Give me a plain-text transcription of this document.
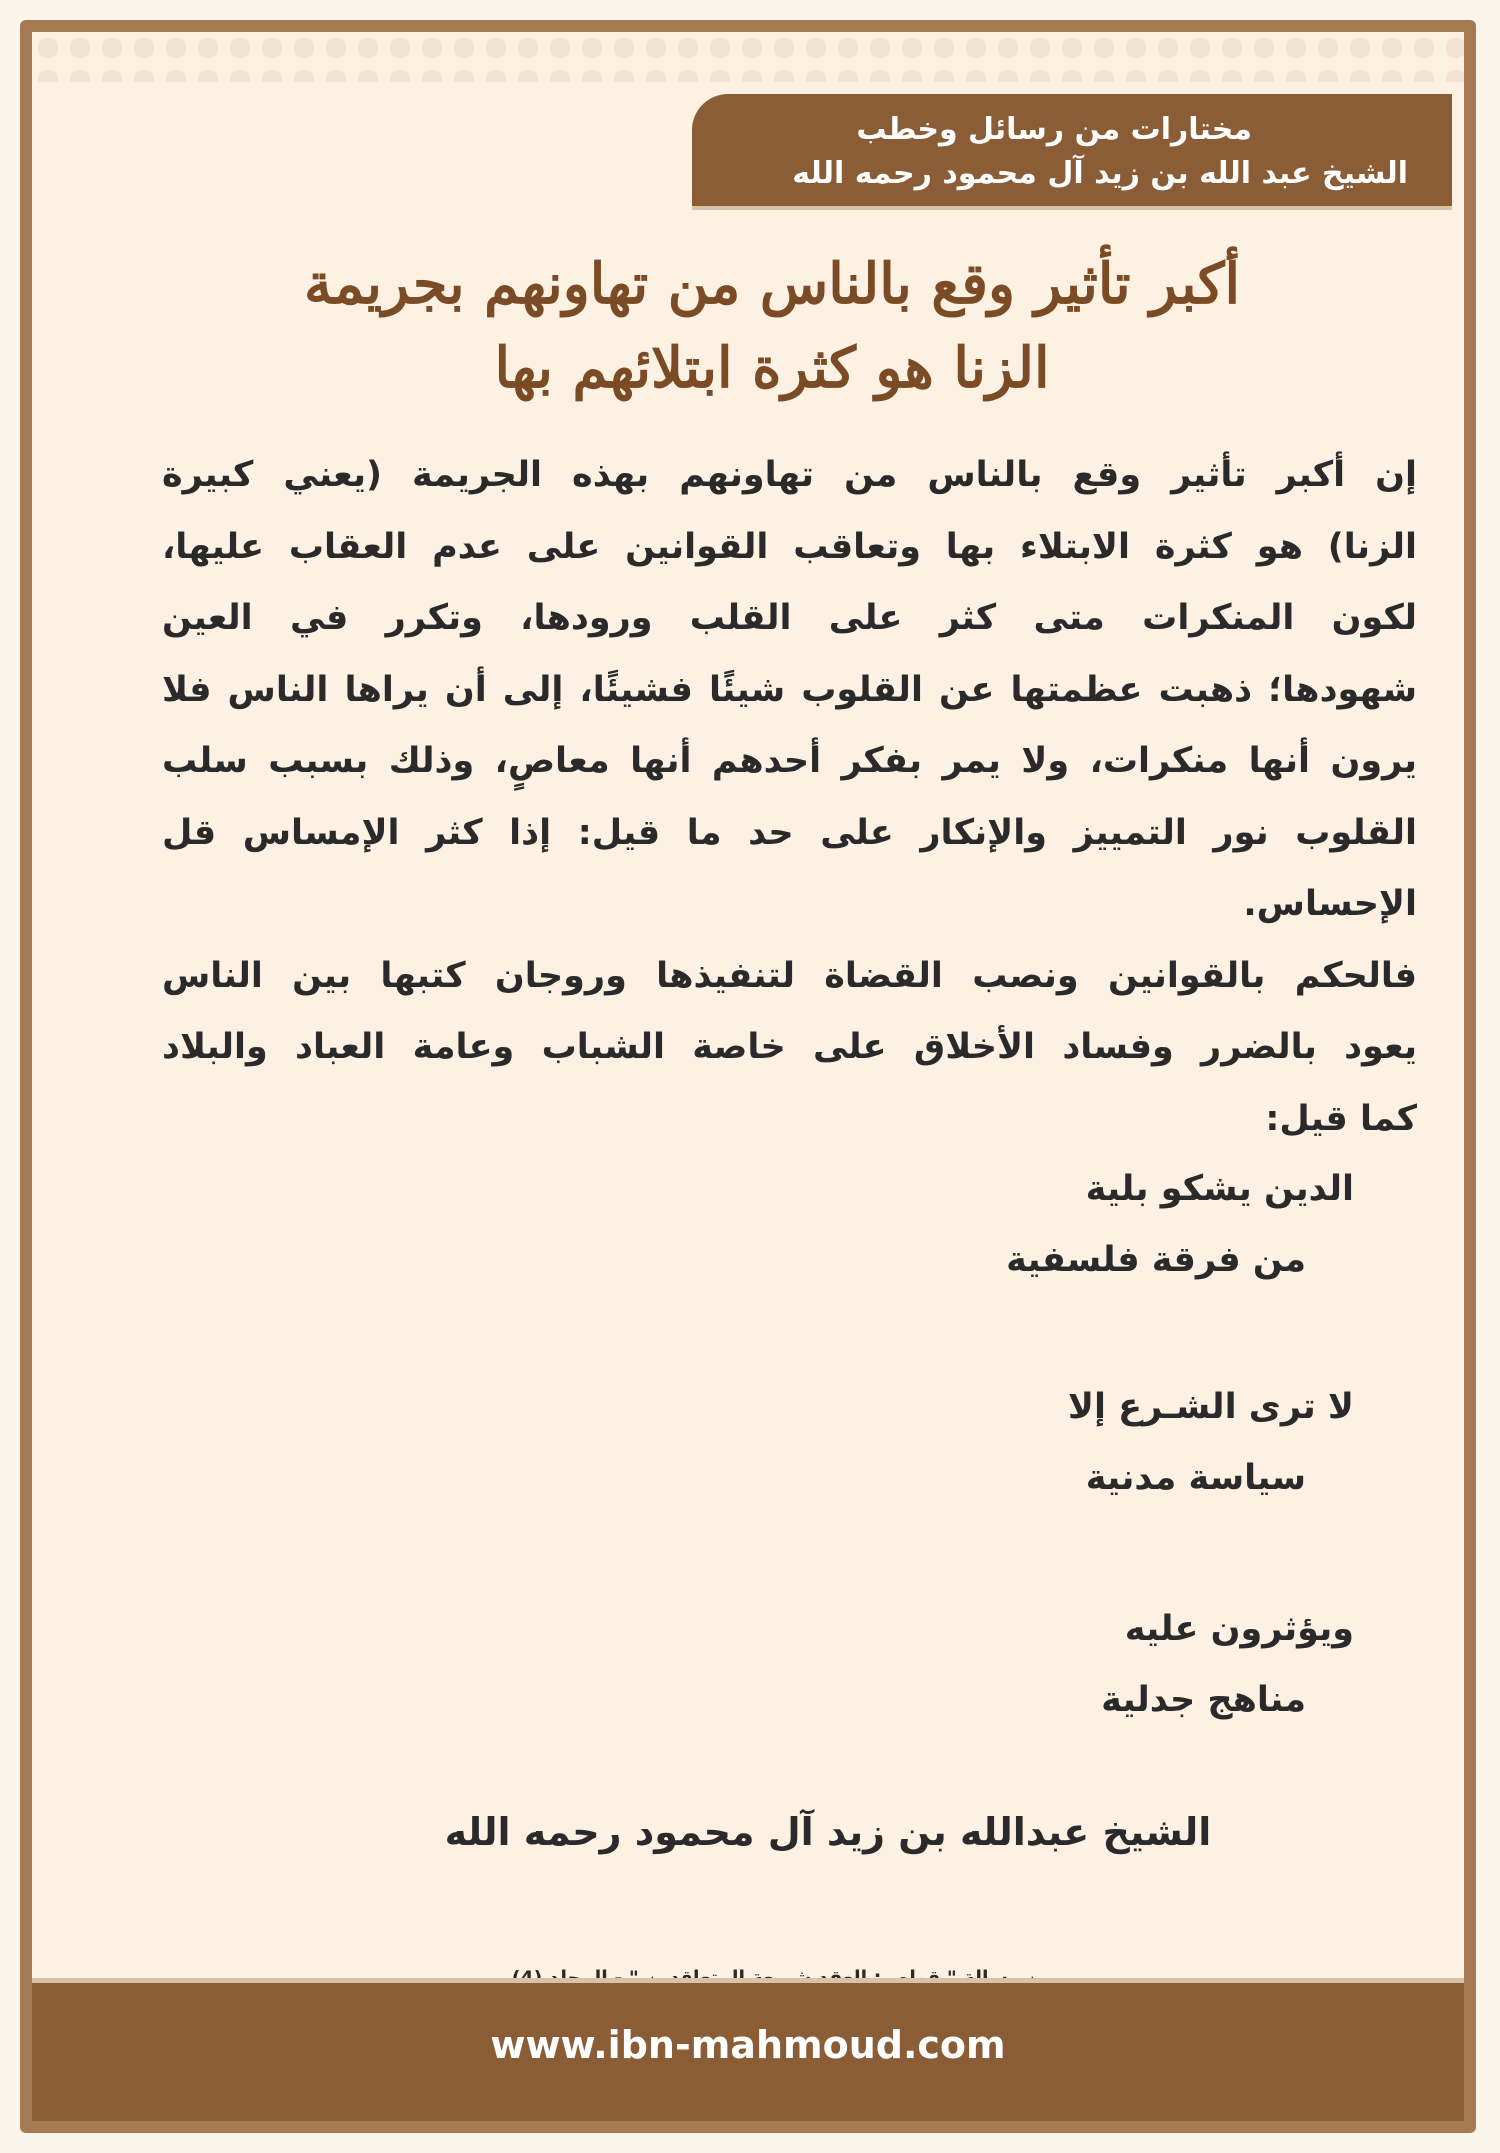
مختارات من رسائل وخطب
الشيخ عبد الله بن زيد آل محمود رحمه الله
أكبر تأثير وقع بالناس من تهاونهم بجريمة
الزنا هو كثرة ابتلائهم بها
إن أكبر تأثير وقع بالناس من تهاونهم بهذه الجريمة (يعني كبيرة
الزنا) هو كثرة الابتلاء بها وتعاقب القوانين على عدم العقاب عليها،
لكون المنكرات متى كثر على القلب ورودها، وتكرر في العين
شهودها؛ ذهبت عظمتها عن القلوب شيئًا فشيئًا، إلى أن يراها الناس فلا
يرون أنها منكرات، ولا يمر بفكر أحدهم أنها معاصٍ، وذلك بسبب سلب
القلوب نور التمييز والإنكار على حد ما قيل: إذا كثر الإمساس قل
الإحساس.
فالحكم بالقوانين ونصب القضاة لتنفيذها وروجان كتبها بين الناس
يعود بالضرر وفساد الأخلاق على خاصة الشباب وعامة العباد والبلاد
كما قيل:
الدين يشكو بلية
من فرقة فلسفية
لا ترى الشـرع إلا
سياسة مدنية
ويؤثرون عليه
مناهج جدلية
الشيخ عبدالله بن زيد آل محمود رحمه الله
www.ibn-mahmoud.com
